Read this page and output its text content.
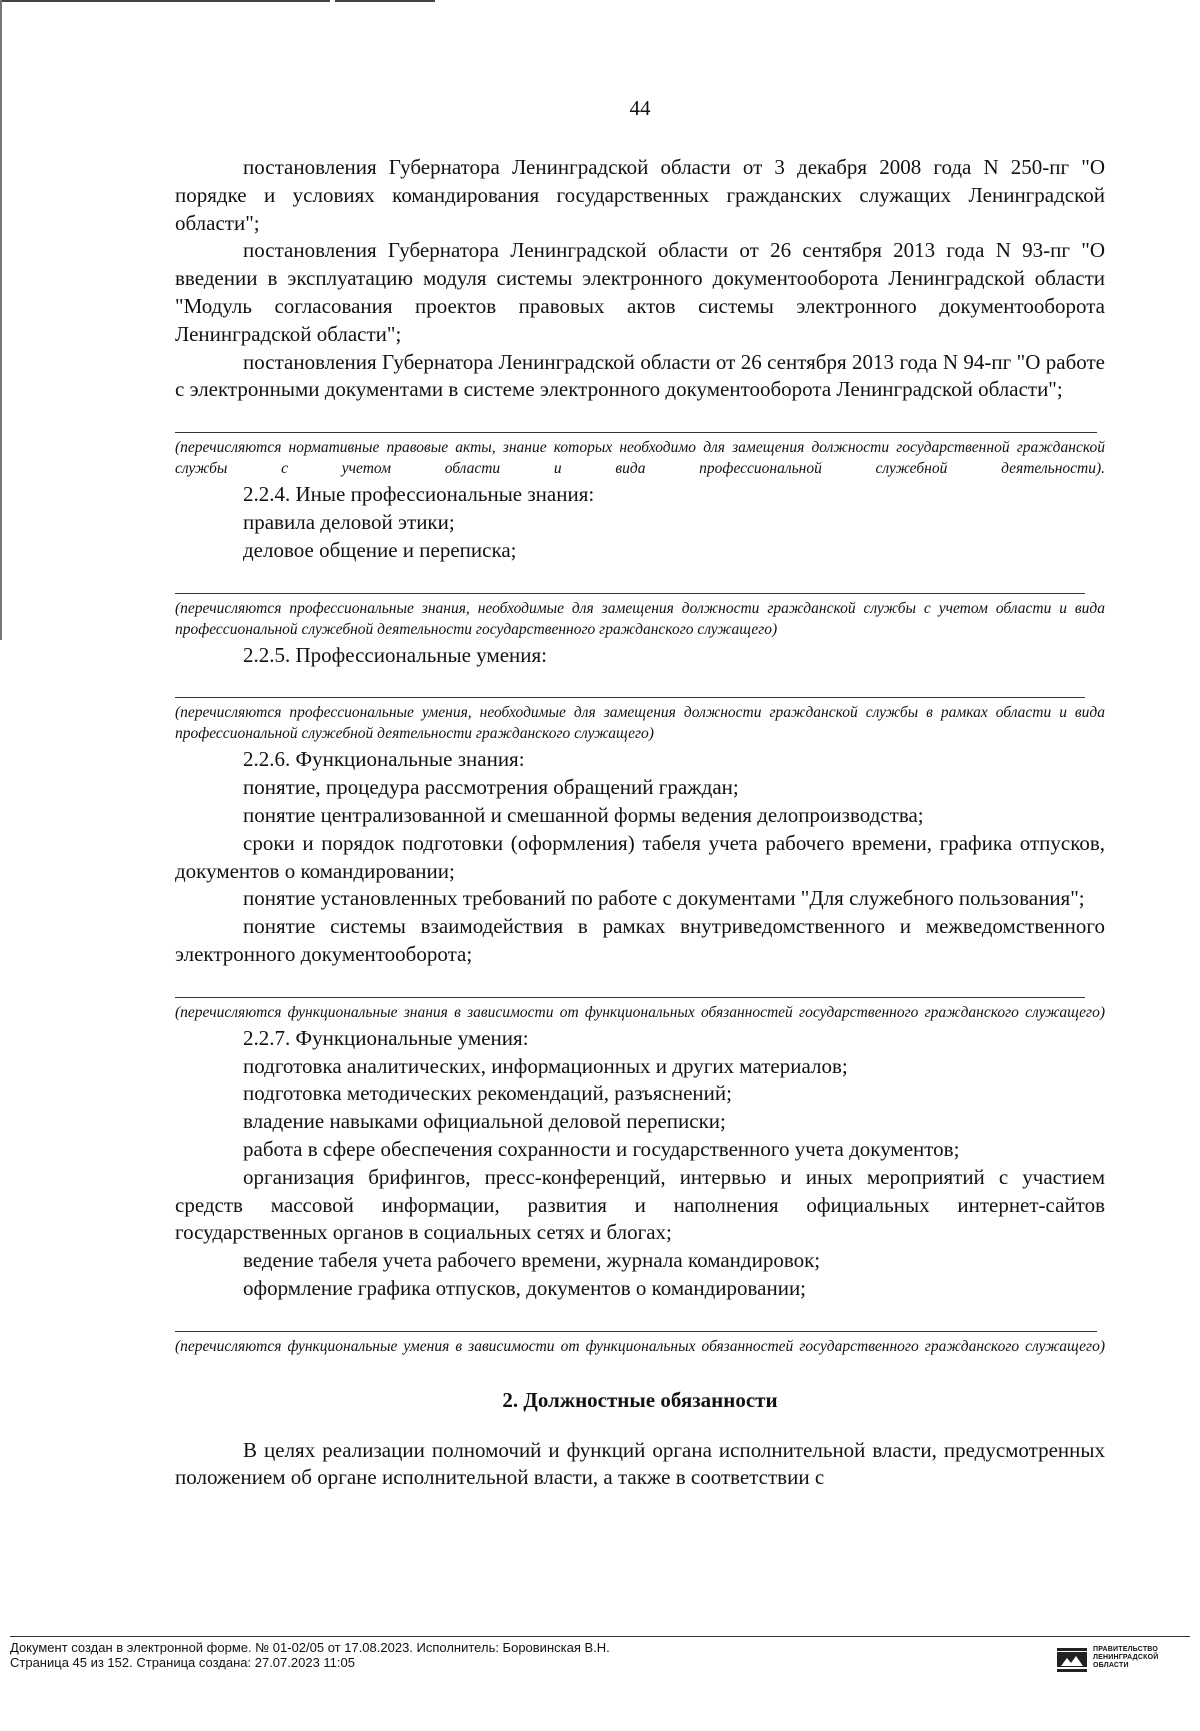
44

постановления Губернатора Ленинградской области от 3 декабря 2008 года N 250-пг "О порядке и условиях командирования государственных гражданских служащих Ленинградской области";

постановления Губернатора Ленинградской области от 26 сентября 2013 года N 93-пг "О введении в эксплуатацию модуля системы электронного документооборота Ленинградской области "Модуль согласования проектов правовых актов системы электронного документооборота Ленинградской области";

постановления Губернатора Ленинградской области от 26 сентября 2013 года N 94-пг "О работе с электронными документами в системе электронного документооборота Ленинградской области";

(перечисляются нормативные правовые акты, знание которых необходимо для замещения должности государственной гражданской службы с учетом области и вида профессиональной служебной деятельности).

2.2.4. Иные профессиональные знания:

правила деловой этики;

деловое общение и переписка;

(перечисляются профессиональные знания, необходимые для замещения должности гражданской службы с учетом области и вида профессиональной служебной деятельности государственного гражданского служащего)

2.2.5. Профессиональные умения:

(перечисляются профессиональные умения, необходимые для замещения должности гражданской службы в рамках области и вида профессиональной служебной деятельности гражданского служащего)

2.2.6. Функциональные знания:

понятие, процедура рассмотрения обращений граждан;

понятие централизованной и смешанной формы ведения делопроизводства;

сроки и порядок подготовки (оформления) табеля учета рабочего времени, графика отпусков, документов о командировании;

понятие установленных требований по работе с документами "Для служебного пользования";

понятие системы взаимодействия в рамках внутриведомственного и межведомственного электронного документооборота;

(перечисляются функциональные знания в зависимости от функциональных обязанностей государственного гражданского служащего)

2.2.7. Функциональные умения:

подготовка аналитических, информационных и других материалов;

подготовка методических рекомендаций, разъяснений;

владение навыками официальной деловой переписки;

работа в сфере обеспечения сохранности и государственного учета документов;

организация брифингов, пресс-конференций, интервью и иных мероприятий с участием средств массовой информации, развития и наполнения официальных интернет-сайтов государственных органов в социальных сетях и блогах;

ведение табеля учета рабочего времени, журнала командировок;

оформление графика отпусков, документов о командировании;

(перечисляются функциональные умения в зависимости от функциональных обязанностей государственного гражданского служащего)

2. Должностные обязанности

В целях реализации полномочий и функций органа исполнительной власти, предусмотренных положением об органе исполнительной власти, а также в соответствии с

Документ создан в электронной форме. № 01-02/05 от 17.08.2023. Исполнитель: Боровинская В.Н.
Страница 45 из 152. Страница создана: 27.07.2023 11:05
ПРАВИТЕЛЬСТВО
ЛЕНИНГРАДСКОЙ
ОБЛАСТИ
